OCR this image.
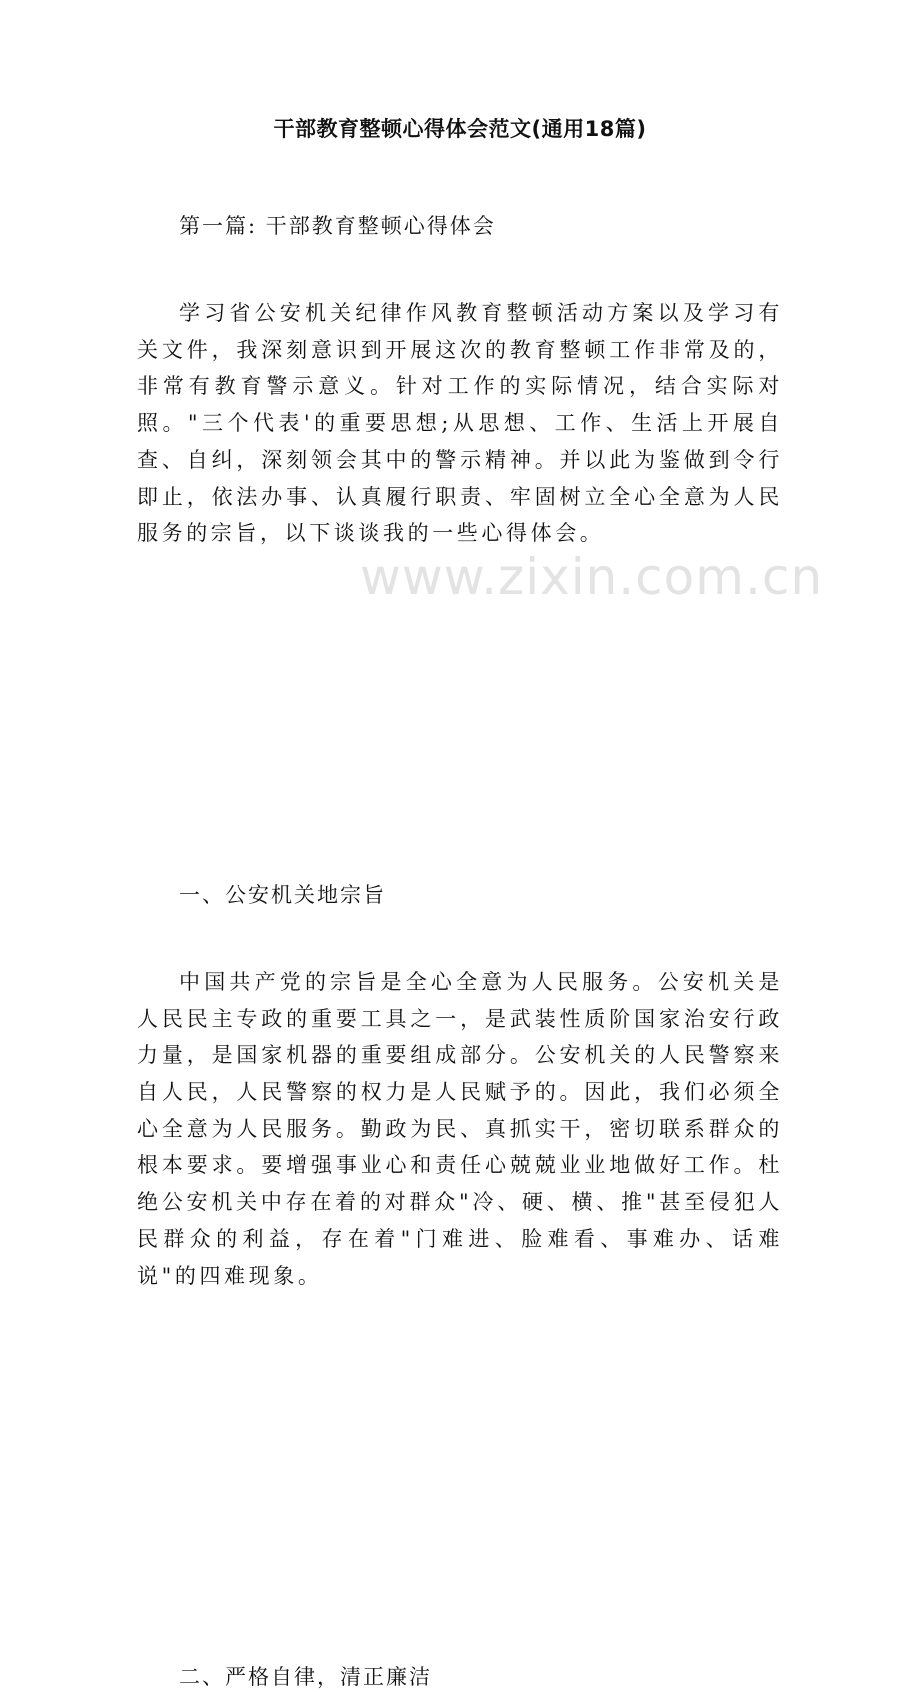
www.zixin.com.cn
干部教育整顿心得体会范文(通用18篇)

第一篇: 干部教育整顿心得体会

学习省公安机关纪律作风教育整顿活动方案以及学习有关文件，我深刻意识到开展这次的教育整顿工作非常及的，非常有教育警示意义。针对工作的实际情况，结合实际对照。"三个代表'的重要思想;从思想、工作、生活上开展自查、自纠，深刻领会其中的警示精神。并以此为鉴做到令行即止，依法办事、认真履行职责、牢固树立全心全意为人民服务的宗旨，以下谈谈我的一些心得体会。

一、公安机关地宗旨

中国共产党的宗旨是全心全意为人民服务。公安机关是人民民主专政的重要工具之一，是武装性质阶国家治安行政力量，是国家机器的重要组成部分。公安机关的人民警察来自人民，人民警察的权力是人民赋予的。因此，我们必须全心全意为人民服务。勤政为民、真抓实干，密切联系群众的根本要求。要增强事业心和责任心兢兢业业地做好工作。杜绝公安机关中存在着的对群众"冷、硬、横、推"甚至侵犯人民群众的利益，存在着"门难进、脸难看、事难办、话难说"的四难现象。

二、严格自律，清正廉洁
